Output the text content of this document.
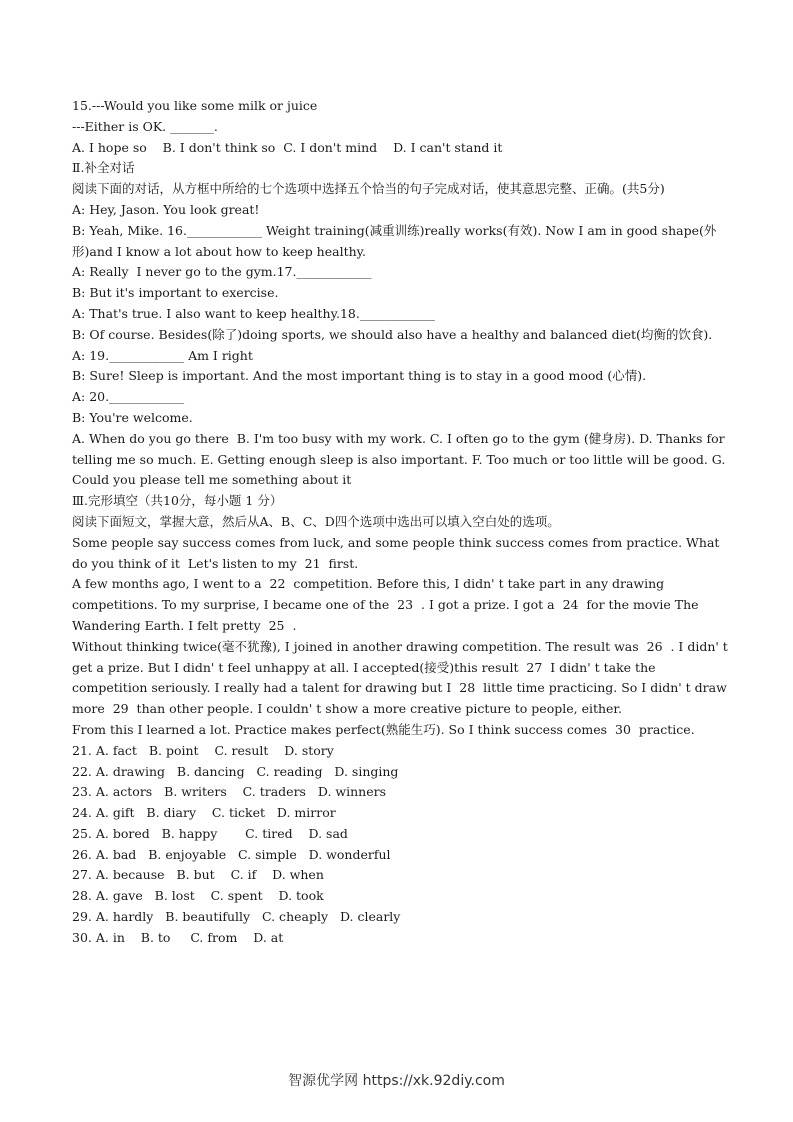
15.---Would you like some milk or juice
---Either is OK. _______.
A. I hope so    B. I don't think so  C. I don't mind    D. I can't stand it
Ⅱ.补全对话
阅读下面的对话，从方框中所给的七个选项中选择五个恰当的句子完成对话，使其意思完整、正确。(共5分)
A: Hey, Jason. You look great!
B: Yeah, Mike. 16.____________ Weight training(减重训练)really works(有效). Now I am in good shape(外形)and I know a lot about how to keep healthy.
A: Really  I never go to the gym.17.____________
B: But it's important to exercise.
A: That's true. I also want to keep healthy.18.____________
B: Of course. Besides(除了)doing sports, we should also have a healthy and balanced diet(均衡的饮食).
A: 19.____________ Am I right
B: Sure! Sleep is important. And the most important thing is to stay in a good mood (心情).
A: 20.____________
B: You're welcome.
A. When do you go there  B. I'm too busy with my work. C. I often go to the gym (健身房). D. Thanks for telling me so much. E. Getting enough sleep is also important. F. Too much or too little will be good. G. Could you please tell me something about it
Ⅲ.完形填空（共10分，每小题 1 分）
阅读下面短文，掌握大意，然后从A、B、C、D四个选项中选出可以填入空白处的选项。
Some people say success comes from luck, and some people think success comes from practice. What do you think of it  Let's listen to my  21  first.
A few months ago, I went to a  22  competition. Before this, I didn' t take part in any drawing competitions. To my surprise, I became one of the  23  . I got a prize. I got a  24  for the movie The Wandering Earth. I felt pretty  25  .
Without thinking twice(毫不犹豫), I joined in another drawing competition. The result was  26  . I didn' t get a prize. But I didn' t feel unhappy at all. I accepted(接受)this result  27  I didn' t take the competition seriously. I really had a talent for drawing but I  28  little time practicing. So I didn' t draw more  29  than other people. I couldn' t show a more creative picture to people, either.
From this I learned a lot. Practice makes perfect(熟能生巧). So I think success comes  30  practice.
21. A. fact   B. point    C. result    D. story
22. A. drawing   B. dancing   C. reading   D. singing
23. A. actors   B. writers    C. traders   D. winners
24. A. gift   B. diary    C. ticket   D. mirror
25. A. bored   B. happy       C. tired    D. sad
26. A. bad   B. enjoyable   C. simple   D. wonderful
27. A. because   B. but    C. if    D. when
28. A. gave   B. lost    C. spent    D. took
29. A. hardly   B. beautifully   C. cheaply   D. clearly
30. A. in    B. to     C. from    D. at
智源优学网 https://xk.92diy.com
